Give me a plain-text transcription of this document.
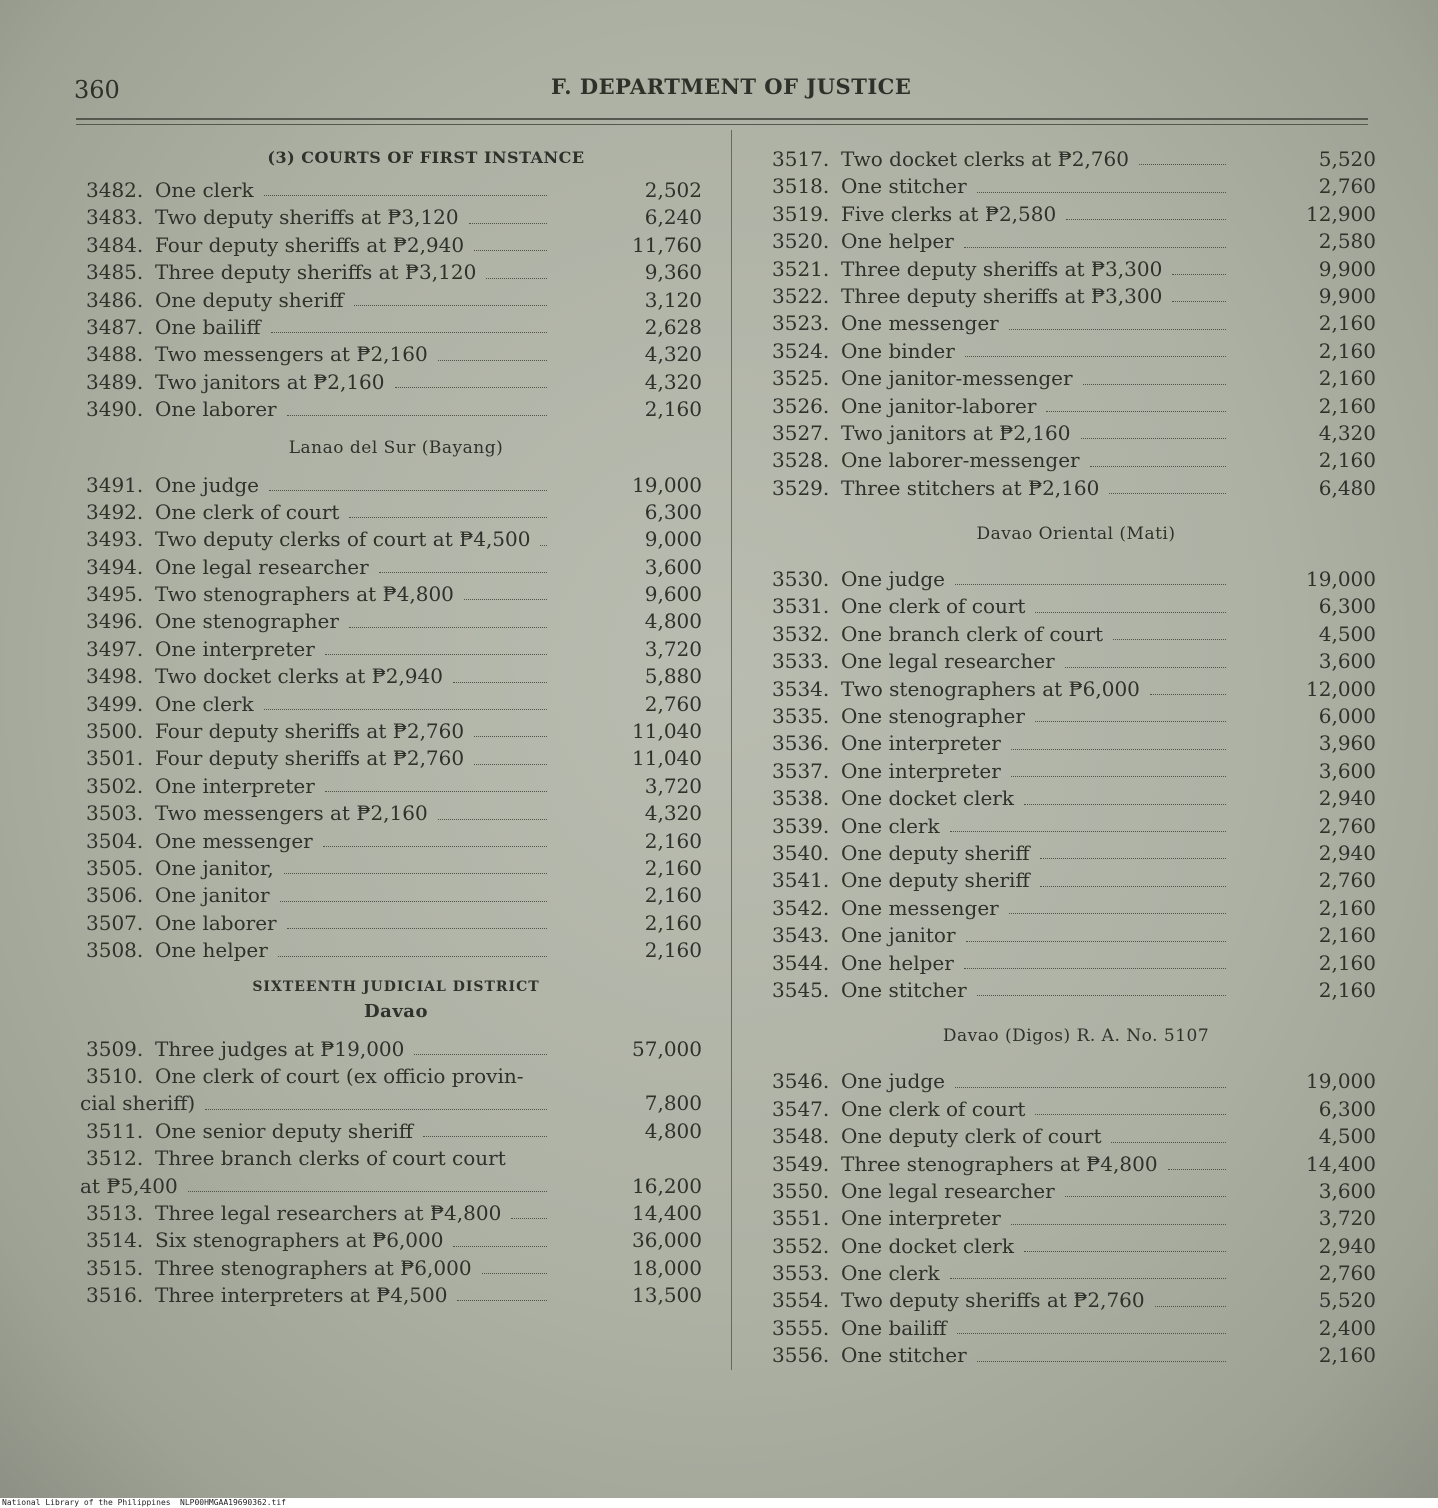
360	F. DEPARTMENT OF JUSTICE
(3) COURTS OF FIRST INSTANCE
3482. One clerk	2,502
3483. Two deputy sheriffs at ₱3,120	6,240
3484. Four deputy sheriffs at ₱2,940	11,760
3485. Three deputy sheriffs at ₱3,120	9,360
3486. One deputy sheriff	3,120
3487. One bailiff	2,628
3488. Two messengers at ₱2,160	4,320
3489. Two janitors at ₱2,160	4,320
3490. One laborer	2,160
Lanao del Sur (Bayang)
3491. One judge	19,000
3492. One clerk of court	6,300
3493. Two deputy clerks of court at ₱4,500	9,000
3494. One legal researcher	3,600
3495. Two stenographers at ₱4,800	9,600
3496. One stenographer	4,800
3497. One interpreter	3,720
3498. Two docket clerks at ₱2,940	5,880
3499. One clerk	2,760
3500. Four deputy sheriffs at ₱2,760	11,040
3501. Four deputy sheriffs at ₱2,760	11,040
3502. One interpreter	3,720
3503. Two messengers at ₱2,160	4,320
3504. One messenger	2,160
3505. One janitor,	2,160
3506. One janitor	2,160
3507. One laborer	2,160
3508. One helper	2,160
SIXTEENTH JUDICIAL DISTRICT
Davao
3509. Three judges at ₱19,000	57,000
3510. One clerk of court (ex officio provin-
cial sheriff)	7,800
3511. One senior deputy sheriff	4,800
3512. Three branch clerks of court court
at ₱5,400	16,200
3513. Three legal researchers at ₱4,800	14,400
3514. Six stenographers at ₱6,000	36,000
3515. Three stenographers at ₱6,000	18,000
3516. Three interpreters at ₱4,500	13,500
3517. Two docket clerks at ₱2,760	5,520
3518. One stitcher	2,760
3519. Five clerks at ₱2,580	12,900
3520. One helper	2,580
3521. Three deputy sheriffs at ₱3,300	9,900
3522. Three deputy sheriffs at ₱3,300	9,900
3523. One messenger	2,160
3524. One binder	2,160
3525. One janitor-messenger	2,160
3526. One janitor-laborer	2,160
3527. Two janitors at ₱2,160	4,320
3528. One laborer-messenger	2,160
3529. Three stitchers at ₱2,160	6,480
Davao Oriental (Mati)
3530. One judge	19,000
3531. One clerk of court	6,300
3532. One branch clerk of court	4,500
3533. One legal researcher	3,600
3534. Two stenographers at ₱6,000	12,000
3535. One stenographer	6,000
3536. One interpreter	3,960
3537. One interpreter	3,600
3538. One docket clerk	2,940
3539. One clerk	2,760
3540. One deputy sheriff	2,940
3541. One deputy sheriff	2,760
3542. One messenger	2,160
3543. One janitor	2,160
3544. One helper	2,160
3545. One stitcher	2,160
Davao (Digos) R. A. No. 5107
3546. One judge	19,000
3547. One clerk of court	6,300
3548. One deputy clerk of court	4,500
3549. Three stenographers at ₱4,800	14,400
3550. One legal researcher	3,600
3551. One interpreter	3,720
3552. One docket clerk	2,940
3553. One clerk	2,760
3554. Two deputy sheriffs at ₱2,760	5,520
3555. One bailiff	2,400
3556. One stitcher	2,160
National Library of the Philippines NLP00HMGAA19690362.tif
